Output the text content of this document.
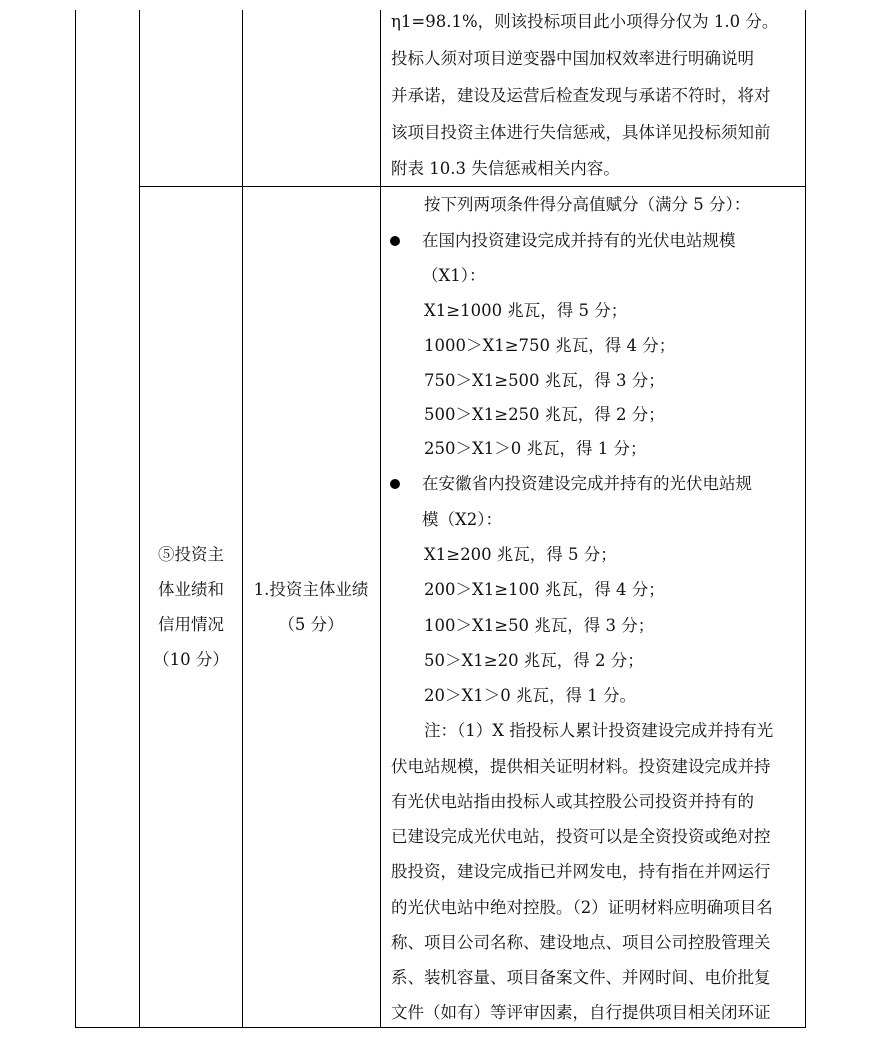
η1=98.1%，则该投标项目此小项得分仅为 1.0 分。
投标人须对项目逆变器中国加权效率进行明确说明
并承诺，建设及运营后检查发现与承诺不符时，将对
该项目投资主体进行失信惩戒，具体详见投标须知前
附表 10.3 失信惩戒相关内容。
⑤投资主
体业绩和
信用情况
（10 分）
1.投资主体业绩
（5 分）
按下列两项条件得分高值赋分（满分 5 分）：
在国内投资建设完成并持有的光伏电站规模
（X1）：
X1≥1000 兆瓦，得 5 分；
1000＞X1≥750 兆瓦，得 4 分；
750＞X1≥500 兆瓦，得 3 分；
500＞X1≥250 兆瓦，得 2 分；
250＞X1＞0 兆瓦，得 1 分；
在安徽省内投资建设完成并持有的光伏电站规
模（X2）：
X1≥200 兆瓦，得 5 分；
200＞X1≥100 兆瓦，得 4 分；
100＞X1≥50 兆瓦，得 3 分；
50＞X1≥20 兆瓦，得 2 分；
20＞X1＞0 兆瓦，得 1 分。
注：（1）X 指投标人累计投资建设完成并持有光
伏电站规模，提供相关证明材料。投资建设完成并持
有光伏电站指由投标人或其控股公司投资并持有的
已建设完成光伏电站，投资可以是全资投资或绝对控
股投资，建设完成指已并网发电，持有指在并网运行
的光伏电站中绝对控股。（2）证明材料应明确项目名
称、项目公司名称、建设地点、项目公司控股管理关
系、装机容量、项目备案文件、并网时间、电价批复
文件（如有）等评审因素，自行提供项目相关闭环证
